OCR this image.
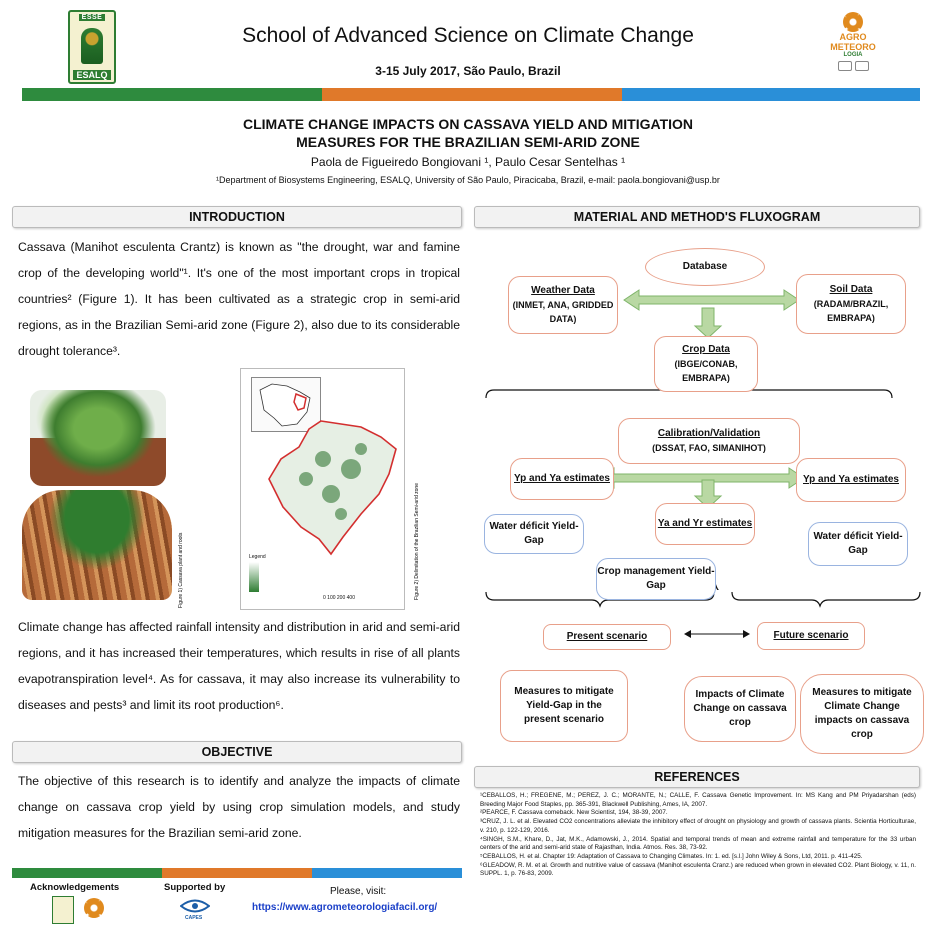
ESSE
ESALQ
School of Advanced Science on Climate Change
3-15 July 2017, São Paulo, Brazil
AGRO METEORO
LOGIA
CLIMATE CHANGE IMPACTS ON CASSAVA YIELD AND MITIGATION
MEASURES FOR THE BRAZILIAN SEMI-ARID ZONE
Paola de Figueiredo Bongiovani ¹, Paulo Cesar Sentelhas ¹
¹Department of Biosystems Engineering, ESALQ, University of São Paulo, Piracicaba, Brazil, e-mail: paola.bongiovani@usp.br
INTRODUCTION
Cassava (Manihot esculenta Crantz) is known as "the drought, war and famine crop of the developing world"¹. It's one of the most important crops in tropical countries² (Figure 1). It has been cultivated as a strategic crop in semi-arid regions, as in the Brazilian Semi-arid zone (Figure 2), also due to its considerable drought tolerance³.
Figure 1) Cassava plant and roots	Legend
0 100 200 400	Figure 2) Delimitation of the Brazilian Semi-arid zone
Climate change has affected rainfall intensity and distribution in arid and semi-arid regions, and it has increased their temperatures, which results in rise of all plants evapotranspiration level⁴. As for cassava, it may also increase its vulnerability to diseases and pests³ and limit its root production⁶.
OBJECTIVE
The objective of this research is to identify and analyze the impacts of climate change on cassava crop yield by using crop simulation models, and study mitigation measures for the Brazilian semi-arid zone.
Acknowledgements	Supported by
CAPES
Please, visit:
https://www.agrometeorologiafacil.org/
MATERIAL AND METHOD'S FLUXOGRAM
Database
Weather Data
(INMET, ANA, GRIDDED DATA)
Soil Data
(RADAM/BRAZIL, EMBRAPA)
Crop Data
(IBGE/CONAB, EMBRAPA)
Calibration/Validation
(DSSAT, FAO, SIMANIHOT)
Yp and Ya estimates	Yp and Ya estimates
Ya and Yr estimates
Water déficit Yield-Gap	Water déficit Yield-Gap
Crop management Yield-Gap
Present scenario	Future scenario
Measures to mitigate Yield-Gap in the present scenario
Impacts of Climate Change on cassava crop
Measures to mitigate Climate Change impacts on cassava crop
REFERENCES
¹CEBALLOS, H.; FREGENE, M.; PEREZ, J. C.; MORANTE, N.; CALLE, F. Cassava Genetic Improvement. In: MS Kang and PM Priyadarshan (eds) Breeding Major Food Staples, pp. 365-391, Blackwell Publishing, Ames, IA, 2007.
²PEARCE, F. Cassava comeback. New Scientist, 194, 38-39, 2007.
³CRUZ, J. L. et al. Elevated CO2 concentrations alleviate the inhibitory effect of drought on physiology and growth of cassava plants. Scientia Horticulturae, v. 210, p. 122-129, 2016.
⁴SINGH, S.M., Khare, D., Jat, M.K., Adamowski, J., 2014. Spatial and temporal trends of mean and extreme rainfall and temperature for the 33 urban centers of the arid and semi-arid state of Rajasthan, India. Atmos. Res. 38, 73-92.
⁵CEBALLOS, H. et al. Chapter 19: Adaptation of Cassava to Changing Climates. In: 1. ed. [s.l.] John Wiley & Sons, Ltd, 2011. p. 411-425.
⁶GLEADOW, R. M. et al. Growth and nutritive value of cassava (Manihot esculenta Cranz.) are reduced when grown in elevated CO2. Plant Biology, v. 11, n. SUPPL. 1, p. 76-83, 2009.
